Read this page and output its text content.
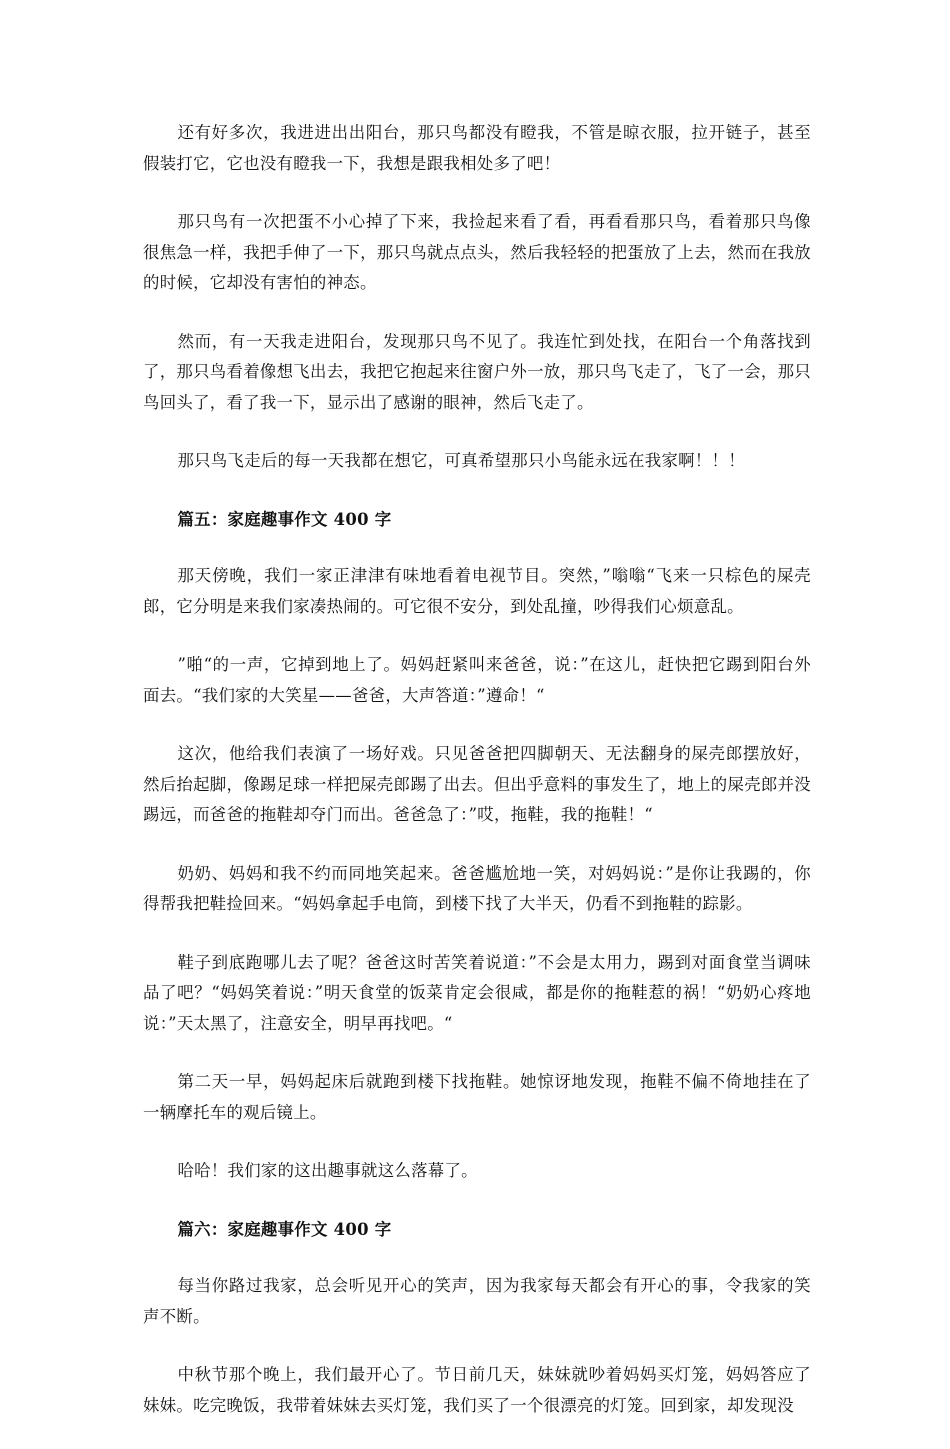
还有好多次，我进进出出阳台，那只鸟都没有瞪我，不管是晾衣服，拉开链子，甚至假装打它，它也没有瞪我一下，我想是跟我相处多了吧！

那只鸟有一次把蛋不小心掉了下来，我捡起来看了看，再看看那只鸟，看着那只鸟像很焦急一样，我把手伸了一下，那只鸟就点点头，然后我轻轻的把蛋放了上去，然而在我放的时候，它却没有害怕的神态。

然而，有一天我走进阳台，发现那只鸟不见了。我连忙到处找，在阳台一个角落找到了，那只鸟看着像想飞出去，我把它抱起来往窗户外一放，那只鸟飞走了，飞了一会，那只鸟回头了，看了我一下，显示出了感谢的眼神，然后飞走了。

那只鸟飞走后的每一天我都在想它，可真希望那只小鸟能永远在我家啊！！！

篇五：家庭趣事作文 400 字

那天傍晚，我们一家正津津有味地看着电视节目。突然，”嗡嗡“飞来一只棕色的屎壳郎，它分明是来我们家凑热闹的。可它很不安分，到处乱撞，吵得我们心烦意乱。

”啪“的一声，它掉到地上了。妈妈赶紧叫来爸爸，说：”在这儿，赶快把它踢到阳台外面去。“我们家的大笑星——爸爸，大声答道：”遵命！“

这次，他给我们表演了一场好戏。只见爸爸把四脚朝天、无法翻身的屎壳郎摆放好，然后抬起脚，像踢足球一样把屎壳郎踢了出去。但出乎意料的事发生了，地上的屎壳郎并没踢远，而爸爸的拖鞋却夺门而出。爸爸急了：”哎，拖鞋，我的拖鞋！“

奶奶、妈妈和我不约而同地笑起来。爸爸尴尬地一笑，对妈妈说：”是你让我踢的，你得帮我把鞋捡回来。“妈妈拿起手电筒，到楼下找了大半天，仍看不到拖鞋的踪影。

鞋子到底跑哪儿去了呢？爸爸这时苦笑着说道：”不会是太用力，踢到对面食堂当调味品了吧？“妈妈笑着说：”明天食堂的饭菜肯定会很咸，都是你的拖鞋惹的祸！“奶奶心疼地说：”天太黑了，注意安全，明早再找吧。“

第二天一早，妈妈起床后就跑到楼下找拖鞋。她惊讶地发现，拖鞋不偏不倚地挂在了一辆摩托车的观后镜上。

哈哈！我们家的这出趣事就这么落幕了。

篇六：家庭趣事作文 400 字

每当你路过我家，总会听见开心的笑声，因为我家每天都会有开心的事，令我家的笑声不断。

中秋节那个晚上，我们最开心了。节日前几天，妹妹就吵着妈妈买灯笼，妈妈答应了妹妹。吃完晚饭，我带着妹妹去买灯笼，我们买了一个很漂亮的灯笼。回到家，却发现没
